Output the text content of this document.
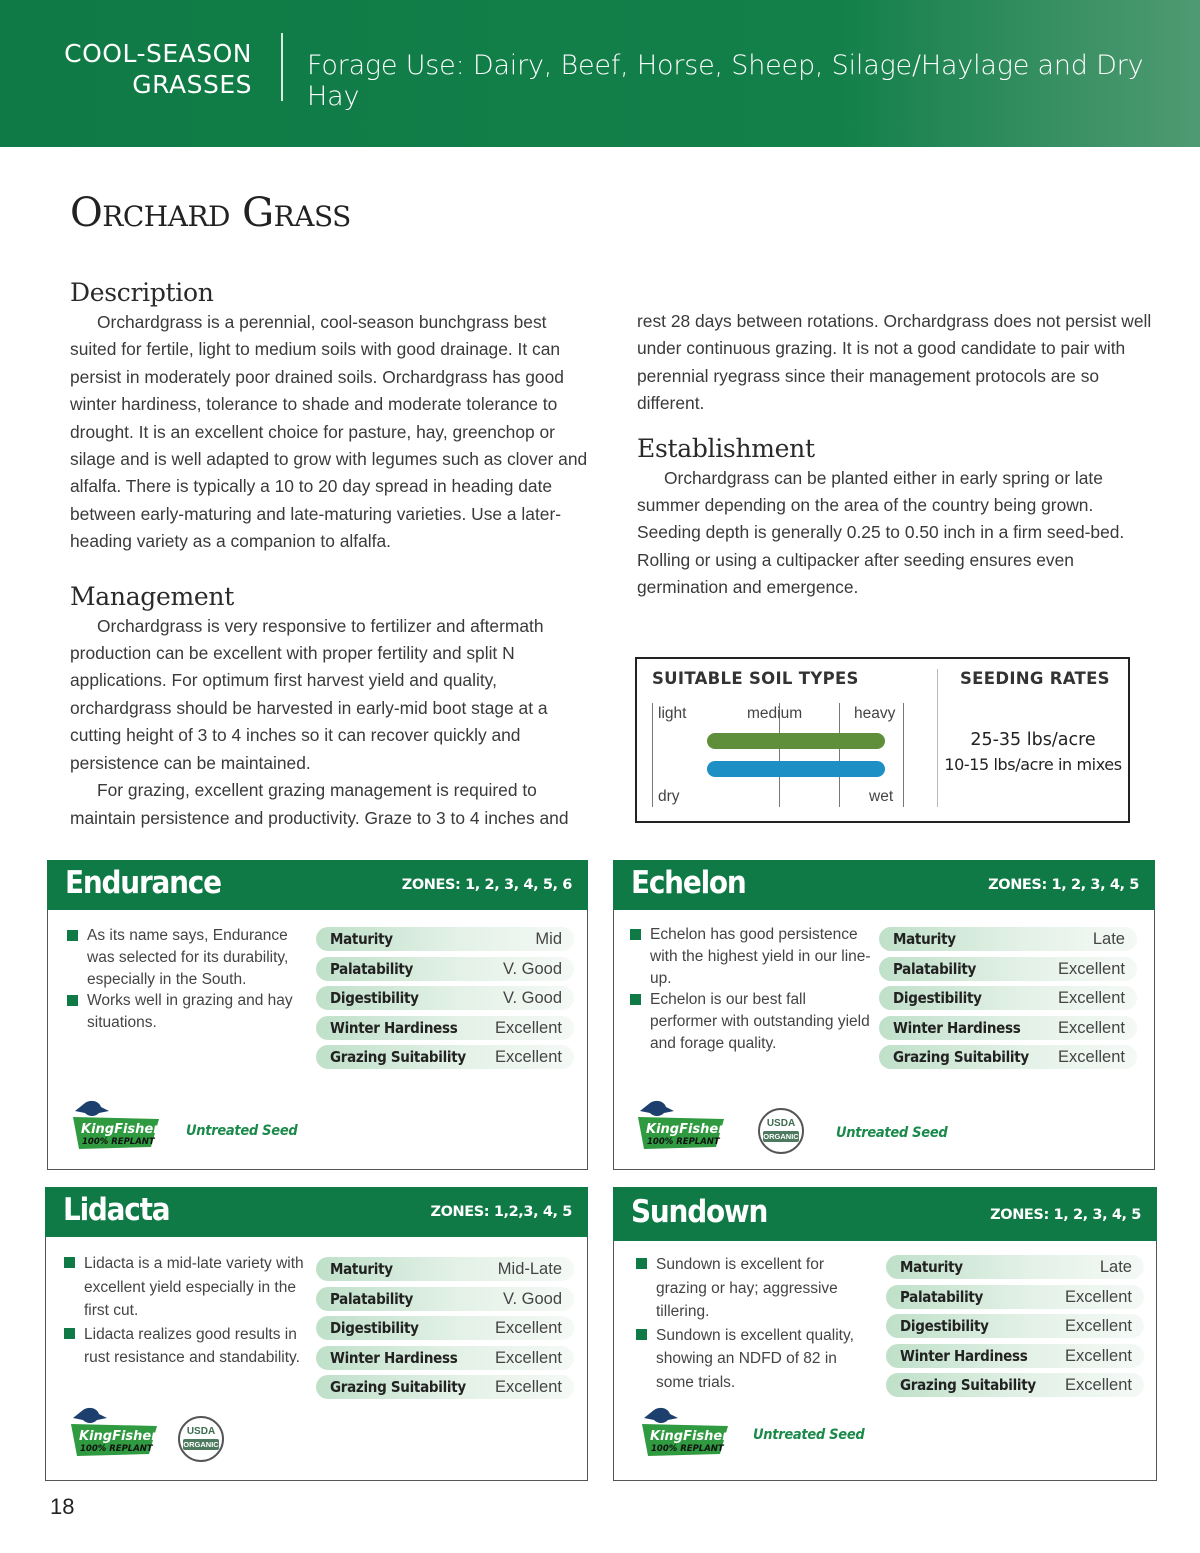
COOL-SEASON
GRASSES
Forage Use: Dairy, Beef, Horse, Sheep, Silage/Haylage and Dry Hay
Orchard Grass
Description

Orchardgrass is a perennial, cool-season bunchgrass best suited for fertile, light to medium soils with good drainage. It can persist in moderately poor drained soils. Orchardgrass has good winter hardiness, tolerance to shade and moderate tolerance to drought. It is an excellent choice for pasture, hay, greenchop or silage and is well adapted to grow with legumes such as clover and alfalfa. There is typically a 10 to 20 day spread in heading date between early-maturing and late-maturing varieties. Use a later-heading variety as a companion to alfalfa.

Management

Orchardgrass is very responsive to fertilizer and aftermath production can be excellent with proper fertility and split N applications. For optimum first harvest yield and quality, orchardgrass should be harvested in early-mid boot stage at a cutting height of 3 to 4 inches so it can recover quickly and persistence can be maintained.

For grazing, excellent grazing management is required to maintain persistence and productivity. Graze to 3 to 4 inches and

rest 28 days between rotations. Orchardgrass does not persist well under continuous grazing. It is not a good candidate to pair with perennial ryegrass since their management protocols are so different.

Establishment

Orchardgrass can be planted either in early spring or late summer depending on the area of the country being grown. Seeding depth is generally 0.25 to 0.50 inch in a firm seed-bed. Rolling or using a cultipacker after seeding ensures even germination and emergence.

SUITABLE SOIL TYPES	SEEDING RATES
light	medium	heavy
dry	wet
25-35 lbs/acre
10-15 lbs/acre in mixes
Endurance	ZONES: 1, 2, 3, 4, 5, 6
As its name says, Endurance was selected for its durability, especially in the South.
Works well in grazing and hay situations.
Maturity	Mid
Palatability	V. Good
Digestibility	V. Good
Winter Hardiness Excellent
Grazing Suitability Excellent
KingFisher
100% REPLANT
Untreated Seed
Echelon	ZONES: 1, 2, 3, 4, 5
Echelon has good persistence with the highest yield in our line-up.
Echelon is our best fall performer with outstanding yield and forage quality.
Maturity	Late
Palatability	Excellent
Digestibility	Excellent
Winter Hardiness Excellent
Grazing Suitability Excellent
KingFisher
100% REPLANT
USDA
ORGANIC	Untreated Seed
Lidacta	ZONES: 1,2,3, 4, 5
Lidacta is a mid-late variety with excellent yield especially in the first cut.
Lidacta realizes good results in rust resistance and standability.
Maturity	Mid-Late
Palatability	V. Good
Digestibility	Excellent
Winter Hardiness Excellent
Grazing Suitability Excellent
KingFisher
100% REPLANT
USDA
ORGANIC
Sundown	ZONES: 1, 2, 3, 4, 5
Sundown is excellent for grazing or hay; aggressive tillering.
Sundown is excellent quality, showing an NDFD of 82 in some trials.
Maturity	Late
Palatability	Excellent
Digestibility	Excellent
Winter Hardiness Excellent
Grazing Suitability Excellent
KingFisher
100% REPLANT
Untreated Seed
18
